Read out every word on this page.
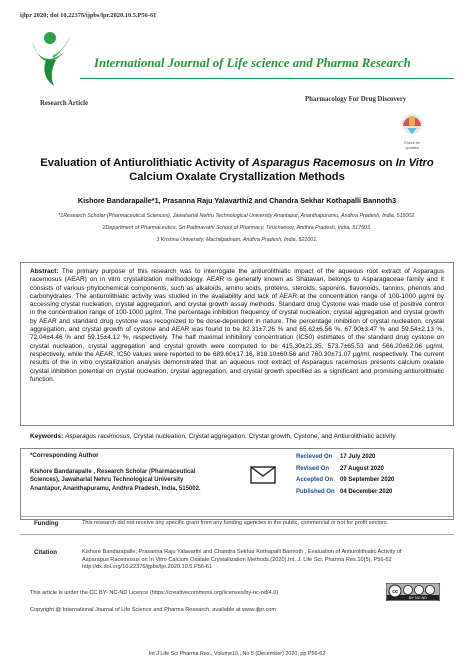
ijlpr 2020; doi 10.22376/ijpbs/lpr.2020.10.5.P56-61
International Journal of Life science and Pharma Research
Research Article
Pharmacology For Drug Discovery
Check for
updates
Evaluation of Antiurolithiatic Activity of Asparagus Racemosus on In Vitro
Calcium Oxalate Crystallization Methods
Kishore Bandarapalle*1, Prasanna Raju Yalavarthi2 and Chandra Sekhar Kothapalli Bannoth3
*1Research Scholar (Pharmaceutical Sciences), Jawaharlal Nehru Technological University Anantapur, Ananthapuramu, Andhra Pradesh, India, 515002.
2Department of Pharmaceutics, Sri Padmavathi School of Pharmacy, Tiruchanoor, Andhra Pradesh, India, 517503.
3 Krishna University, Machilipatnam, Andhra Pradesh, India, 521001.
Abstract: The primary purpose of this research was to interrogate the antiurolithiatic impact of the aqueous root extract of Asparagus racemosus (AEAR) on in vitro crystallization methodology. AEAR is generally known as Shatavari, belongs to Asparagaceae family and it consists of various phytochemical components, such as alkaloids, amino acids, proteins, steroids, saponins, flavonoids, tannins, phenols and carbohydrates. The antiurolithiatic activity was studied in the availability and lack of AEAR at the concentration range of 100-1000 µg/ml by accessing crystal nucleation, crystal aggregation, and crystal growth assay methods. Standard drug Cystone was made use of positive control in the concentration range of 100-1000 µg/ml. The percentage inhibition frequency of crystal nucleation, crystal aggregation and crystal growth by AEAR and standard drug cystone was recognized to be dose-dependent in nature. The percentage inhibition of crystal nucleation, crystal aggregation, and crystal growth of cystone and AEAR was found to be 82.31±7.26 % and 65.62±6.56 %, 67.90±3.47 % and 59.54±2.13 %, 72.04±4.46 % and 59.15±4.12 %, respectively. The half maximal inhibitory concentration (IC50) estimates of the standard drug cystone on crystal nucleation, crystal aggregation and crystal growth were computed to be 415.30±21.35, 573.7±65.53 and 566.20±62.06 µg/ml, respectively, while the AEAR, IC50 values were reported to be 689.60±17.16, 818.10±60.56 and 760.30±71.07 µg/ml, respectively. The current results of the in vitro crystallization analysis demonstrated that an aqueous root extract of Asparagus racemosus presents calcium oxalate crystal inhibition potential on crystal nucleation, crystal aggregation, and crystal growth specified as a significant and promising antiurolithiatic function.
Keywords: Asparagus racemosus, Crystal nucleation, Crystal aggregation, Crystal growth, Cystone, and Antiurolithiatic activity
*Corresponding Author
Kishore Bandarapalle , Research Scholar (Pharmaceutical
Sciences), Jawaharlal Nehru Technological University
Anantapur, Ananthapuramu, Andhra Pradesh, India, 515002.
Recieved On 17 July 2020
Revised On 27 August 2020
Accepted On 09 September 2020
Published On 04 December 2020
Funding	This research did not receive any specific grant from any funding agencies in the public, commercial or not for profit sectors.
Citation	Kishore Bandarapalle, Prasanna Raju Yalavarthi and Chandra Sekhar Kothapalli Bannoth , Evaluation of Antiurolithiatic Activity of
Asparagus Racemosus on In Vitro Calcium Oxalate Crystallization Methods.(2020).Int. J. Life Sci. Pharma Res.10(5), P56-62
http://dx.doi.org/10.22376/ijpbs/lpr.2020.10.5.P56-61
This article is under the CC BY- NC-ND Licence (https://creativecommons.org/licenses/by-nc-nd/4.0)	cc
BY NC ND
Copyright @ International Journal of Life Science and Pharma Research, available at www.ijlpr.com
Int J Life Sci Pharma Res., Volume10., No 5 (December) 2020, pp P56-62
